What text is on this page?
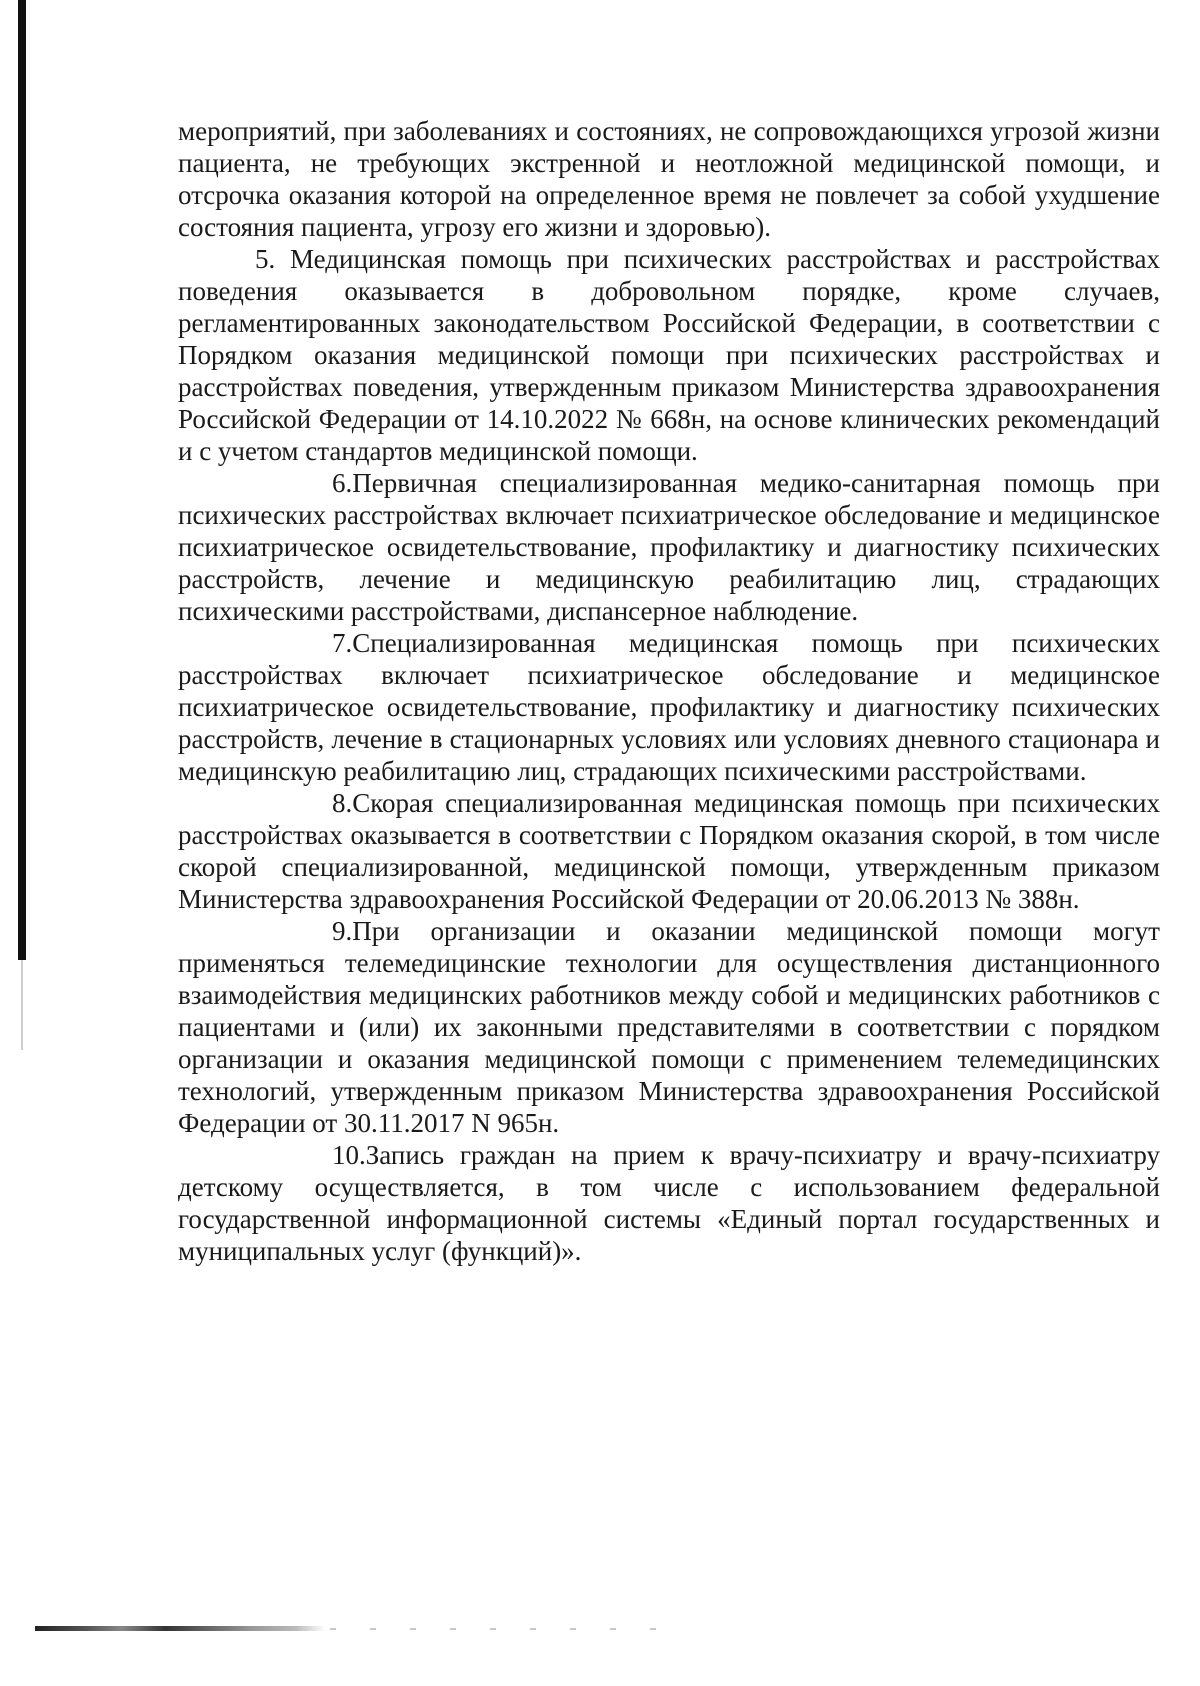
мероприятий, при заболеваниях и состояниях, не сопровождающихся угрозой жизни пациента, не требующих экстренной и неотложной медицинской помощи, и отсрочка оказания которой на определенное время не повлечет за собой ухудшение состояния пациента, угрозу его жизни и здоровью).

5. Медицинская помощь при психических расстройствах и расстройствах поведения оказывается в добровольном порядке, кроме случаев, регламентированных законодательством Российской Федерации, в соответствии с Порядком оказания медицинской помощи при психических расстройствах и расстройствах поведения, утвержденным приказом Министерства здравоохранения Российской Федерации от 14.10.2022 № 668н, на основе клинических рекомендаций и с учетом стандартов медицинской помощи.

6.Первичная специализированная медико-санитарная помощь при психических расстройствах включает психиатрическое обследование и медицинское психиатрическое освидетельствование, профилактику и диагностику психических расстройств, лечение и медицинскую реабилитацию лиц, страдающих психическими расстройствами, диспансерное наблюдение.

7.Специализированная медицинская помощь при психических расстройствах включает психиатрическое обследование и медицинское психиатрическое освидетельствование, профилактику и диагностику психических расстройств, лечение в стационарных условиях или условиях дневного стационара и медицинскую реабилитацию лиц, страдающих психическими расстройствами.

8.Скорая специализированная медицинская помощь при психических расстройствах оказывается в соответствии с Порядком оказания скорой, в том числе скорой специализированной, медицинской помощи, утвержденным приказом Министерства здравоохранения Российской Федерации от 20.06.2013 № 388н.

9.При организации и оказании медицинской помощи могут применяться телемедицинские технологии для осуществления дистанционного взаимодействия медицинских работников между собой и медицинских работников с пациентами и (или) их законными представителями в соответствии с порядком организации и оказания медицинской помощи с применением телемедицинских технологий, утвержденным приказом Министерства здравоохранения Российской Федерации от 30.11.2017 N 965н.

10.Запись граждан на прием к врачу-психиатру и врачу-психиатру детскому осуществляется, в том числе с использованием федеральной государственной информационной системы «Единый портал государственных и муниципальных услуг (функций)».
